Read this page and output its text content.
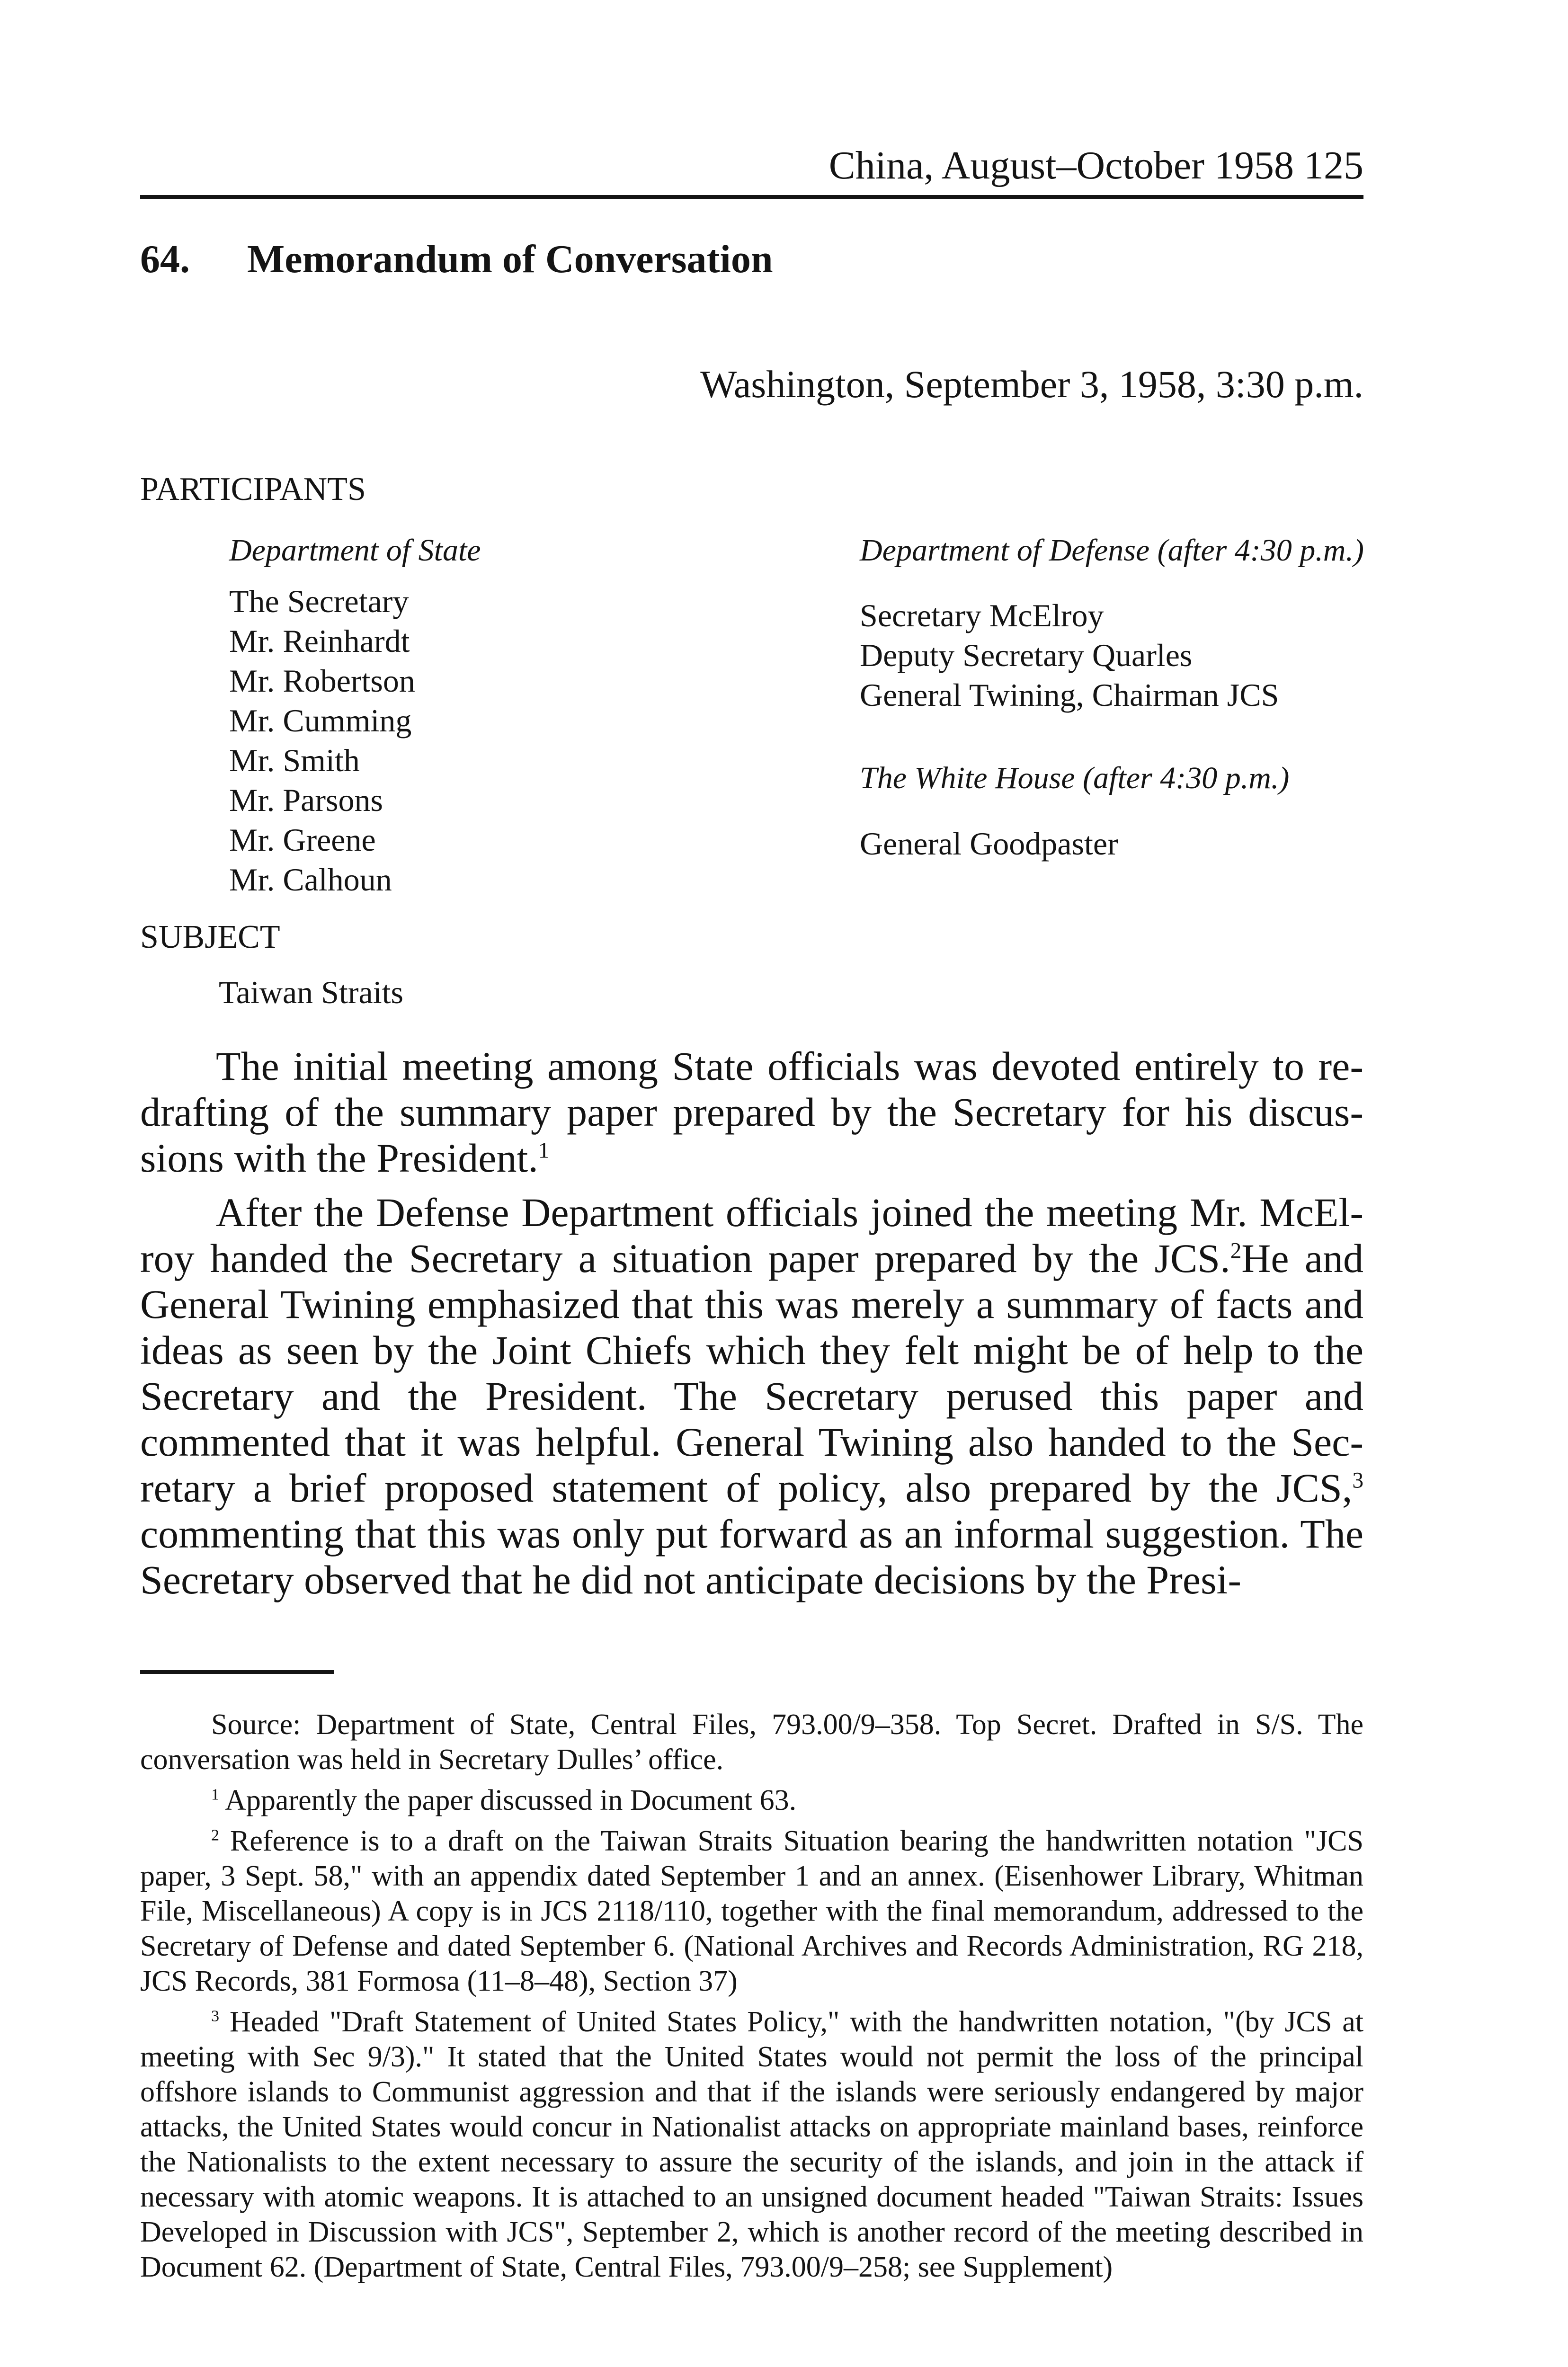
China, August–October 1958 125
64. Memorandum of Conversation
Washington, September 3, 1958, 3:30 p.m.
PARTICIPANTS
Department of State
The Secretary
Mr. Reinhardt
Mr. Robertson
Mr. Cumming
Mr. Smith
Mr. Parsons
Mr. Greene
Mr. Calhoun
Department of Defense (after 4:30 p.m.)
Secretary McElroy
Deputy Secretary Quarles
General Twining, Chairman JCS
The White House (after 4:30 p.m.)
General Goodpaster
SUBJECT
Taiwan Straits

The initial meeting among State officials was devoted entirely to redrafting of the summary paper prepared by the Secretary for his discussions with the President.$^1$

After the Defense Department officials joined the meeting Mr. McElroy handed the Secretary a situation paper prepared by the JCS.$^2$He and General Twining emphasized that this was merely a summary of facts and ideas as seen by the Joint Chiefs which they felt might be of help to the Secretary and the President. The Secretary perused this paper and commented that it was helpful. General Twining also handed to the Secretary a brief proposed statement of policy, also prepared by the JCS,$^3$ commenting that this was only put forward as an informal suggestion. The Secretary observed that he did not anticipate decisions by the Presi-

Source: Department of State, Central Files, 793.00/9–358. Top Secret. Drafted in S/S. The conversation was held in Secretary Dulles’ office.

$^1$ Apparently the paper discussed in Document 63.

$^2$ Reference is to a draft on the Taiwan Straits Situation bearing the handwritten notation "JCS paper, 3 Sept. 58," with an appendix dated September 1 and an annex. (Eisenhower Library, Whitman File, Miscellaneous) A copy is in JCS 2118/110, together with the final memorandum, addressed to the Secretary of Defense and dated September 6. (National Archives and Records Administration, RG 218, JCS Records, 381 Formosa (11–8–48), Section 37)

$^3$ Headed "Draft Statement of United States Policy," with the handwritten notation, "(by JCS at meeting with Sec 9/3)." It stated that the United States would not permit the loss of the principal offshore islands to Communist aggression and that if the islands were seriously endangered by major attacks, the United States would concur in Nationalist attacks on appropriate mainland bases, reinforce the Nationalists to the extent necessary to assure the security of the islands, and join in the attack if necessary with atomic weapons. It is attached to an unsigned document headed "Taiwan Straits: Issues Developed in Discussion with JCS", September 2, which is another record of the meeting described in Document 62. (Department of State, Central Files, 793.00/9–258; see Supplement)
